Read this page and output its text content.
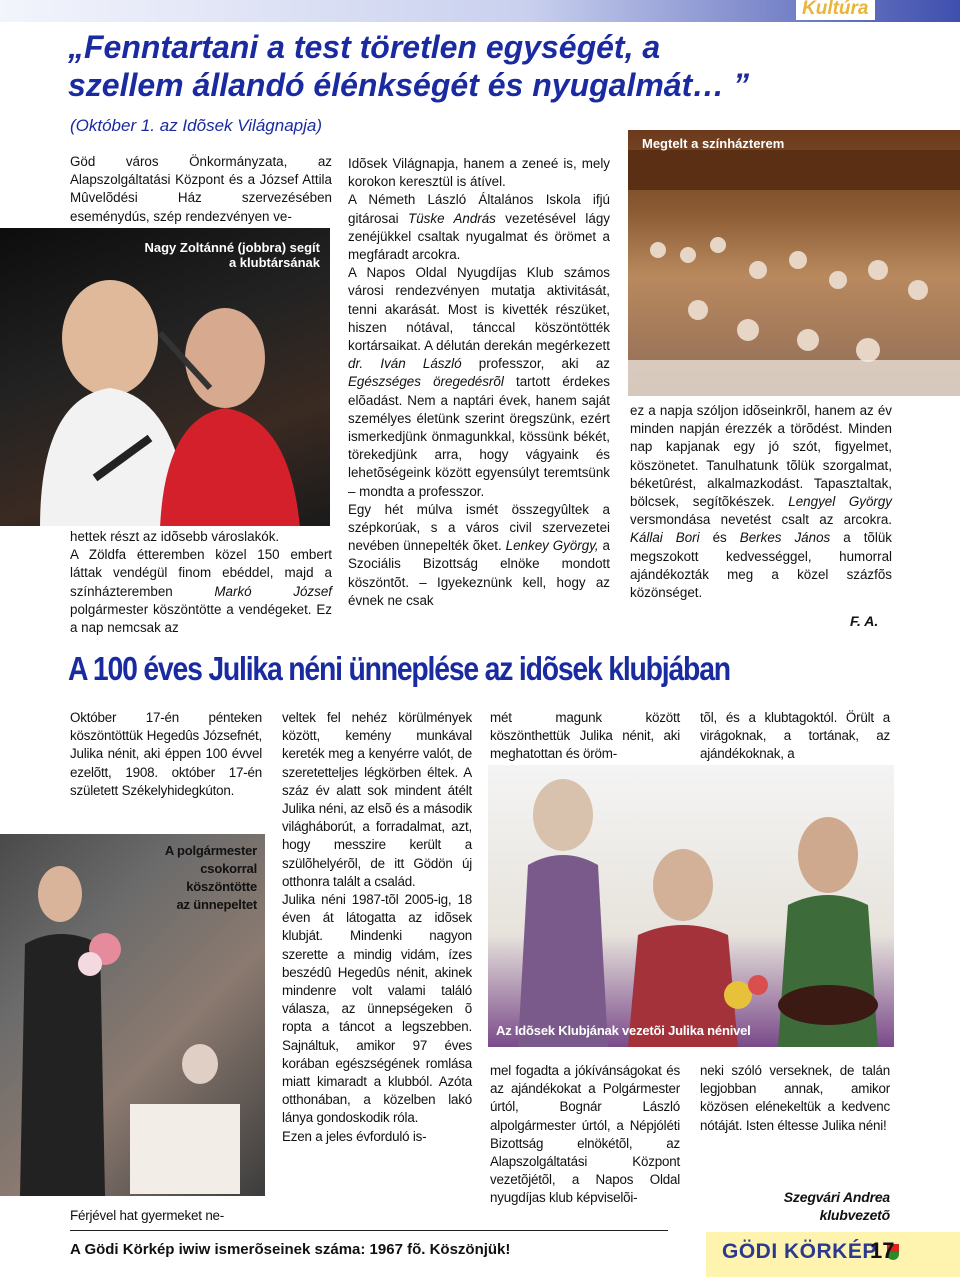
Kultúra
„Fenntartani a test töretlen egységét, a
szellem állandó élénkségét és nyugalmát… ”
(Október 1. az Idõsek Világnapja)
Göd város Önkormányzata, az Alapszolgáltatási Központ és a József Attila Mûvelõdési Ház szervezésében eseménydús, szép rendezvényen ve-
Nagy Zoltánné (jobbra) segít
a klubtársának

hettek részt az idõsebb városlakók.

A Zöldfa étteremben közel 150 embert láttak vendégül finom ebéddel, majd a színházteremben Markó József polgármester köszöntötte a vendégeket. Ez a nap nemcsak az

Idõsek Világnapja, hanem a zeneé is, mely korokon keresztül is átível.

A Németh László Általános Iskola ifjú gitárosai Tüske András vezetésével lágy zenéjükkel csaltak nyugalmat és örömet a megfáradt arcokra.

A Napos Oldal Nyugdíjas Klub számos városi rendezvényen mutatja aktivitását, tenni akarását. Most is kivették részüket, hiszen nótával, tánccal köszöntötték kortársaikat. A délután derekán megérkezett dr. Iván László professzor, aki az Egészséges öregedésrõl tartott érdekes elõadást. Nem a naptári évek, hanem saját személyes életünk szerint öregszünk, ezért ismerkedjünk önmagunkkal, kössünk békét, törekedjünk arra, hogy vágyaink és lehetõségeink között egyensúlyt teremtsünk – mondta a professzor.

Egy hét múlva ismét összegyûltek a szépkorúak, s a város civil szervezetei nevében ünnepelték õket. Lenkey György, a Szociális Bizottság elnöke mondott köszöntõt. – Igyekeznünk kell, hogy az évnek ne csak

Megtelt a színházterem

ez a napja szóljon idõseinkrõl, hanem az év minden napján érezzék a törõdést. Minden nap kapjanak egy jó szót, figyelmet, köszönetet. Tanulhatunk tõlük szorgalmat, béketûrést, alkalmazkodást. Tapasztaltak, bölcsek, segítõkészek. Lengyel György versmondása nevetést csalt az arcokra. Kállai Bori és Berkes János a tõlük megszokott kedvességgel, humorral ajándékozták meg a közel százfõs közönséget.

F. A.
A 100 éves Julika néni ünneplése az idõsek klubjában
Október 17-én pénteken köszöntöttük Hegedûs Józsefnét, Julika nénit, aki éppen 100 évvel ezelõtt, 1908. október 17-én született Székelyhidegkúton.
A polgármester
csokorral
köszöntötte
az ünnepeltet
Férjével hat gyermeket ne-

veltek fel nehéz körülmények között, kemény munkával kereték meg a kenyérre valót, de szeretetteljes légkörben éltek. A száz év alatt sok mindent átélt Julika néni, az elsõ és a második világháborút, a forradalmat, azt, hogy messzire került a szülõhelyérõl, de itt Gödön új otthonra talált a család.

Julika néni 1987-tõl 2005-ig, 18 éven át látogatta az idõsek klubját. Mindenki nagyon szerette a mindig vidám, ízes beszédû Hegedûs nénit, akinek mindenre volt valami találó válasza, az ünnepségeken õ ropta a táncot a legszebben. Sajnáltuk, amikor 97 éves korában egészségének romlása miatt kimaradt a klubból. Azóta otthonában, a közelben lakó lánya gondoskodik róla.

Ezen a jeles évforduló is-

mét magunk között köszönthettük Julika nénit, aki meghatottan és öröm-
Az Idõsek Klubjának vezetõi Julika nénivel
mel fogadta a jókívánságokat és az ajándékokat a Polgármester úrtól, Bognár László alpolgármester úrtól, a Népjóléti Bizottság elnökétõl, az Alapszolgáltatási Központ vezetõjétõl, a Napos Oldal nyugdíjas klub képviselõi-
tõl, és a klubtagoktól. Örült a virágoknak, a tortának, az ajándékoknak, a
neki szóló verseknek, de talán legjobban annak, amikor közösen elénekeltük a kedvenc nótáját. Isten éltesse Julika néni!
Szegvári Andrea
klubvezetõ
A Gödi Körkép iwiw ismerõseinek száma: 1967 fõ. Köszönjük!	GÖDI KÖRKÉP
17
